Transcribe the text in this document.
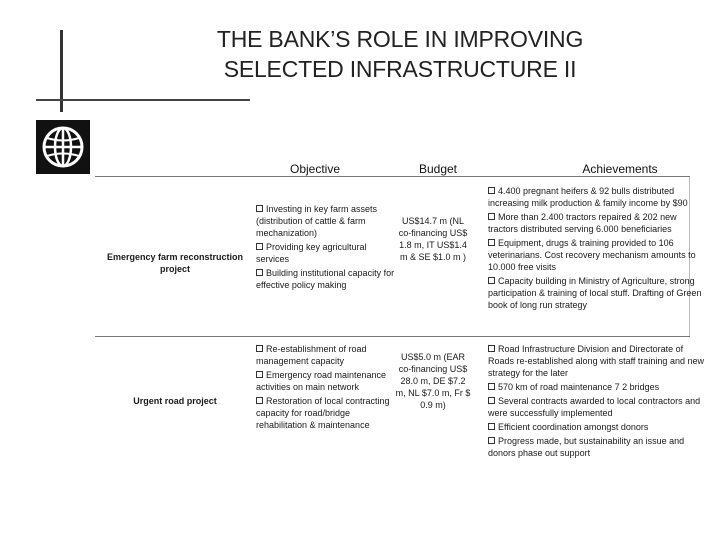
THE BANK’S ROLE IN IMPROVING
SELECTED INFRASTRUCTURE II
Objective	Budget	Achievements
Emergency farm reconstruction project
Investing in key farm assets (distribution of cattle & farm mechanization)
Providing key agricultural services
Building institutional capacity for effective policy making
US$14.7 m (NL co-financing US$ 1.8 m, IT US$1.4 m & SE $1.0 m )
4.400 pregnant heifers & 92 bulls distributed increasing milk production & family income by $90
More than 2.400 tractors repaired & 202 new tractors distributed serving 6.000 beneficiaries
Equipment, drugs & training provided to 106 veterinarians. Cost recovery mechanism amounts to 10.000 free visits
Capacity building in Ministry of Agriculture, strong participation & training of local stuff. Drafting of Green book of long run strategy
Urgent road project
Re-establishment of road management capacity
Emergency road maintenance activities on main network
Restoration of local contracting capacity for road/bridge rehabilitation & maintenance
US$5.0 m (EAR co-financing US$ 28.0 m, DE $7.2 m, NL $7.0 m, Fr $ 0.9 m)
Road Infrastructure Division and Directorate of Roads re-established along with staff training and new strategy for the later
570 km of road maintenance 7 2 bridges
Several contracts awarded to local contractors and were successfully implemented
Efficient coordination amongst donors
Progress made, but sustainability an issue and donors phase out support
